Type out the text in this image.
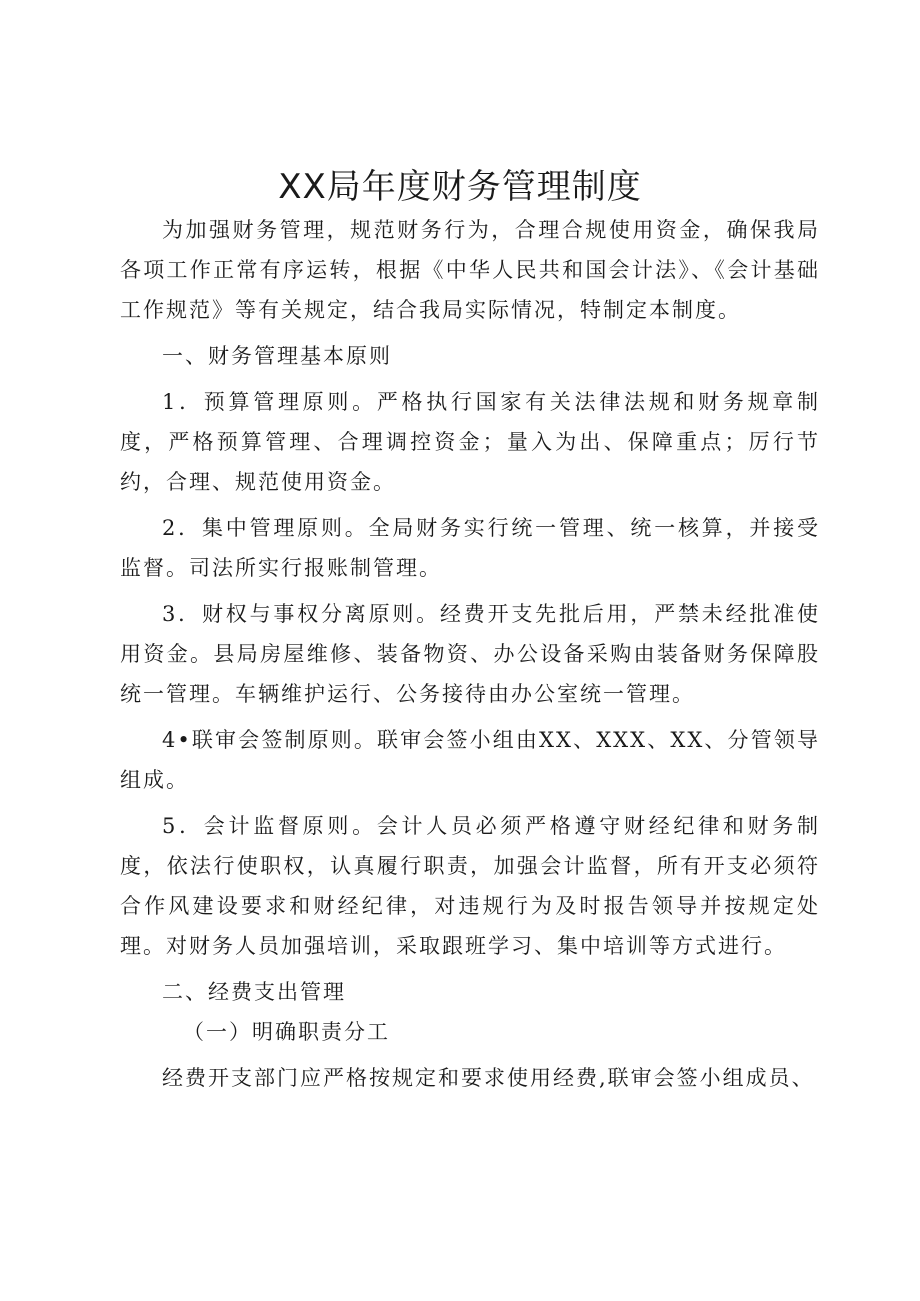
XX局年度财务管理制度

为加强财务管理，规范财务行为，合理合规使用资金，确保我局各项工作正常有序运转，根据《中华人民共和国会计法》、《会计基础工作规范》等有关规定，结合我局实际情况，特制定本制度。

一、财务管理基本原则

1．预算管理原则。严格执行国家有关法律法规和财务规章制度，严格预算管理、合理调控资金；量入为出、保障重点；厉行节约，合理、规范使用资金。

2．集中管理原则。全局财务实行统一管理、统一核算，并接受监督。司法所实行报账制管理。

3．财权与事权分离原则。经费开支先批后用，严禁未经批准使用资金。县局房屋维修、装备物资、办公设备采购由装备财务保障股统一管理。车辆维护运行、公务接待由办公室统一管理。

4•联审会签制原则。联审会签小组由XX、XXX、XX、分管领导组成。

5．会计监督原则。会计人员必须严格遵守财经纪律和财务制度，依法行使职权，认真履行职责，加强会计监督，所有开支必须符合作风建设要求和财经纪律，对违规行为及时报告领导并按规定处理。对财务人员加强培训，采取跟班学习、集中培训等方式进行。

二、经费支出管理

（一）明确职责分工

经费开支部门应严格按规定和要求使用经费,联审会签小组成员、
